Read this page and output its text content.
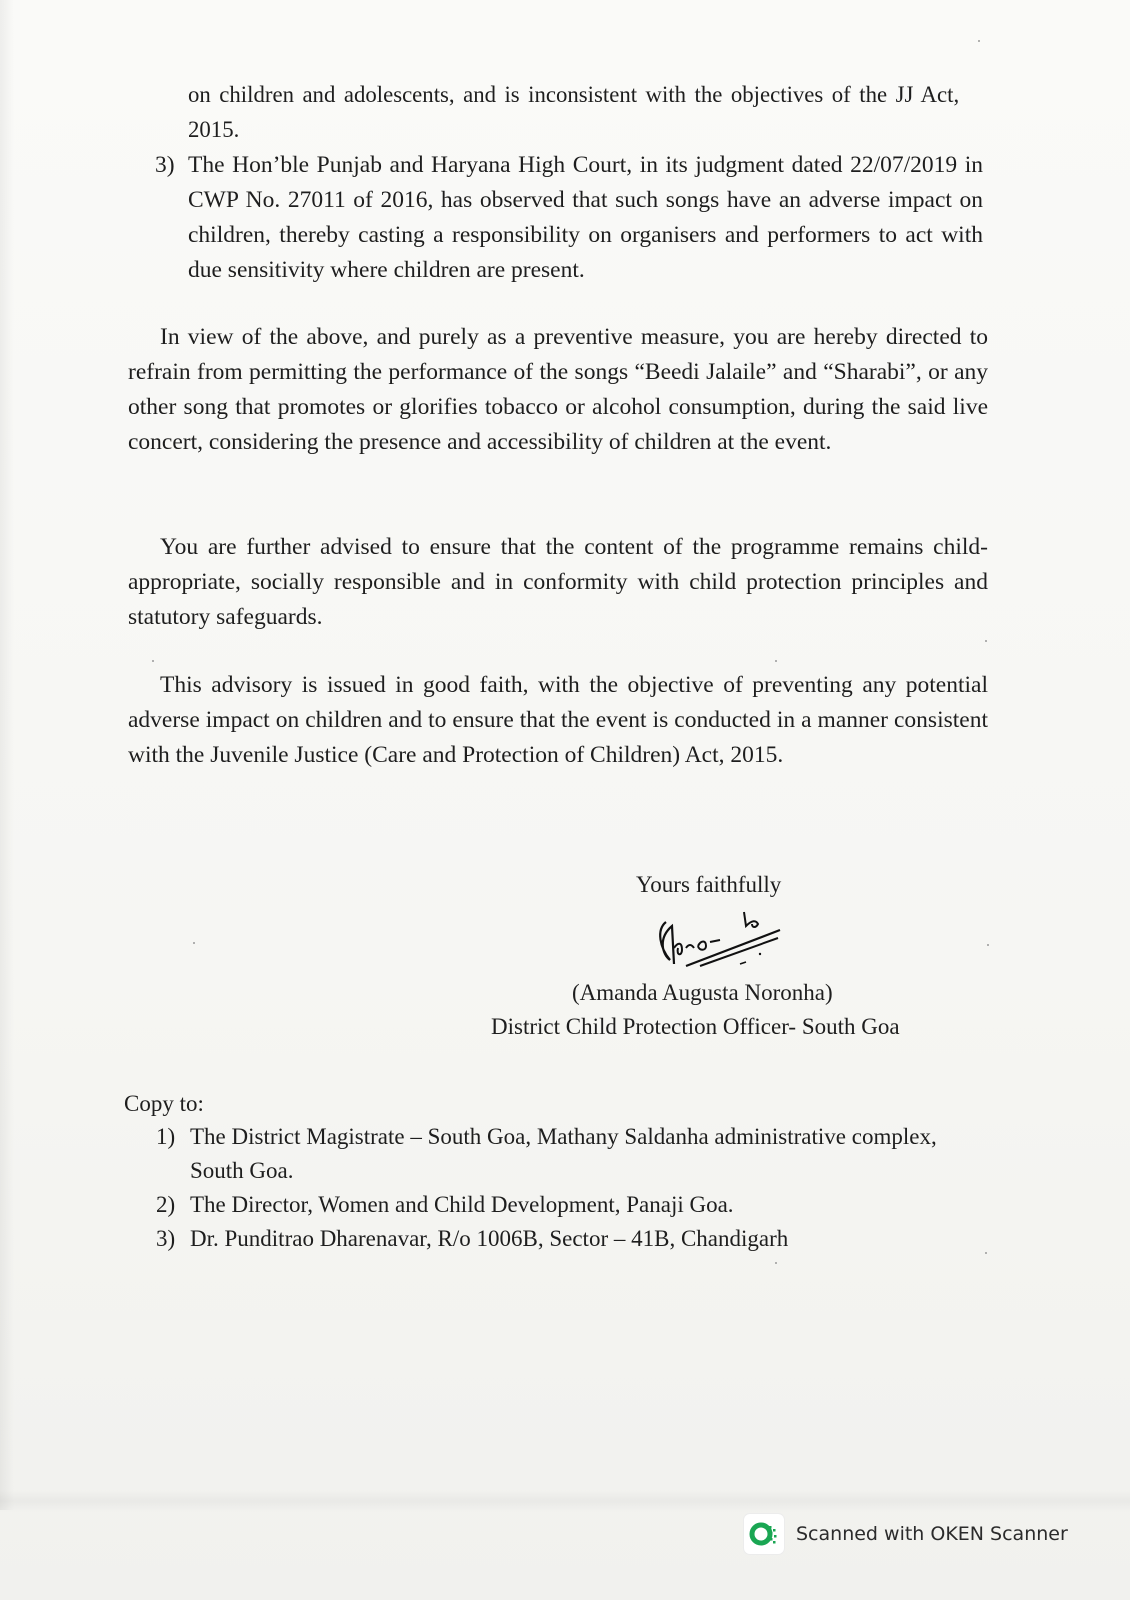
on children and adolescents, and is inconsistent with the objectives of the JJ Act, 2015.
3) The Hon’ble Punjab and Haryana High Court, in its judgment dated 22/07/2019 in CWP No. 27011 of 2016, has observed that such songs have an adverse impact on children, thereby casting a responsibility on organisers and performers to act with due sensitivity where children are present.

In view of the above, and purely as a preventive measure, you are hereby directed to refrain from permitting the performance of the songs “Beedi Jalaile” and “Sharabi”, or any other song that promotes or glorifies tobacco or alcohol consumption, during the said live concert, considering the presence and accessibility of children at the event.

You are further advised to ensure that the content of the programme remains child-appropriate, socially responsible and in conformity with child protection principles and statutory safeguards.

This advisory is issued in good faith, with the objective of preventing any potential adverse impact on children and to ensure that the event is conducted in a manner consistent with the Juvenile Justice (Care and Protection of Children) Act, 2015.

Yours faithfully
(Amanda Augusta Noronha)
District Child Protection Officer- South Goa
Copy to:
1) The District Magistrate – South Goa, Mathany Saldanha administrative complex, South Goa.
2) The Director, Women and Child Development, Panaji Goa.
3) Dr. Punditrao Dharenavar, R/o 1006B, Sector – 41B, Chandigarh
Scanned with OKEN Scanner
